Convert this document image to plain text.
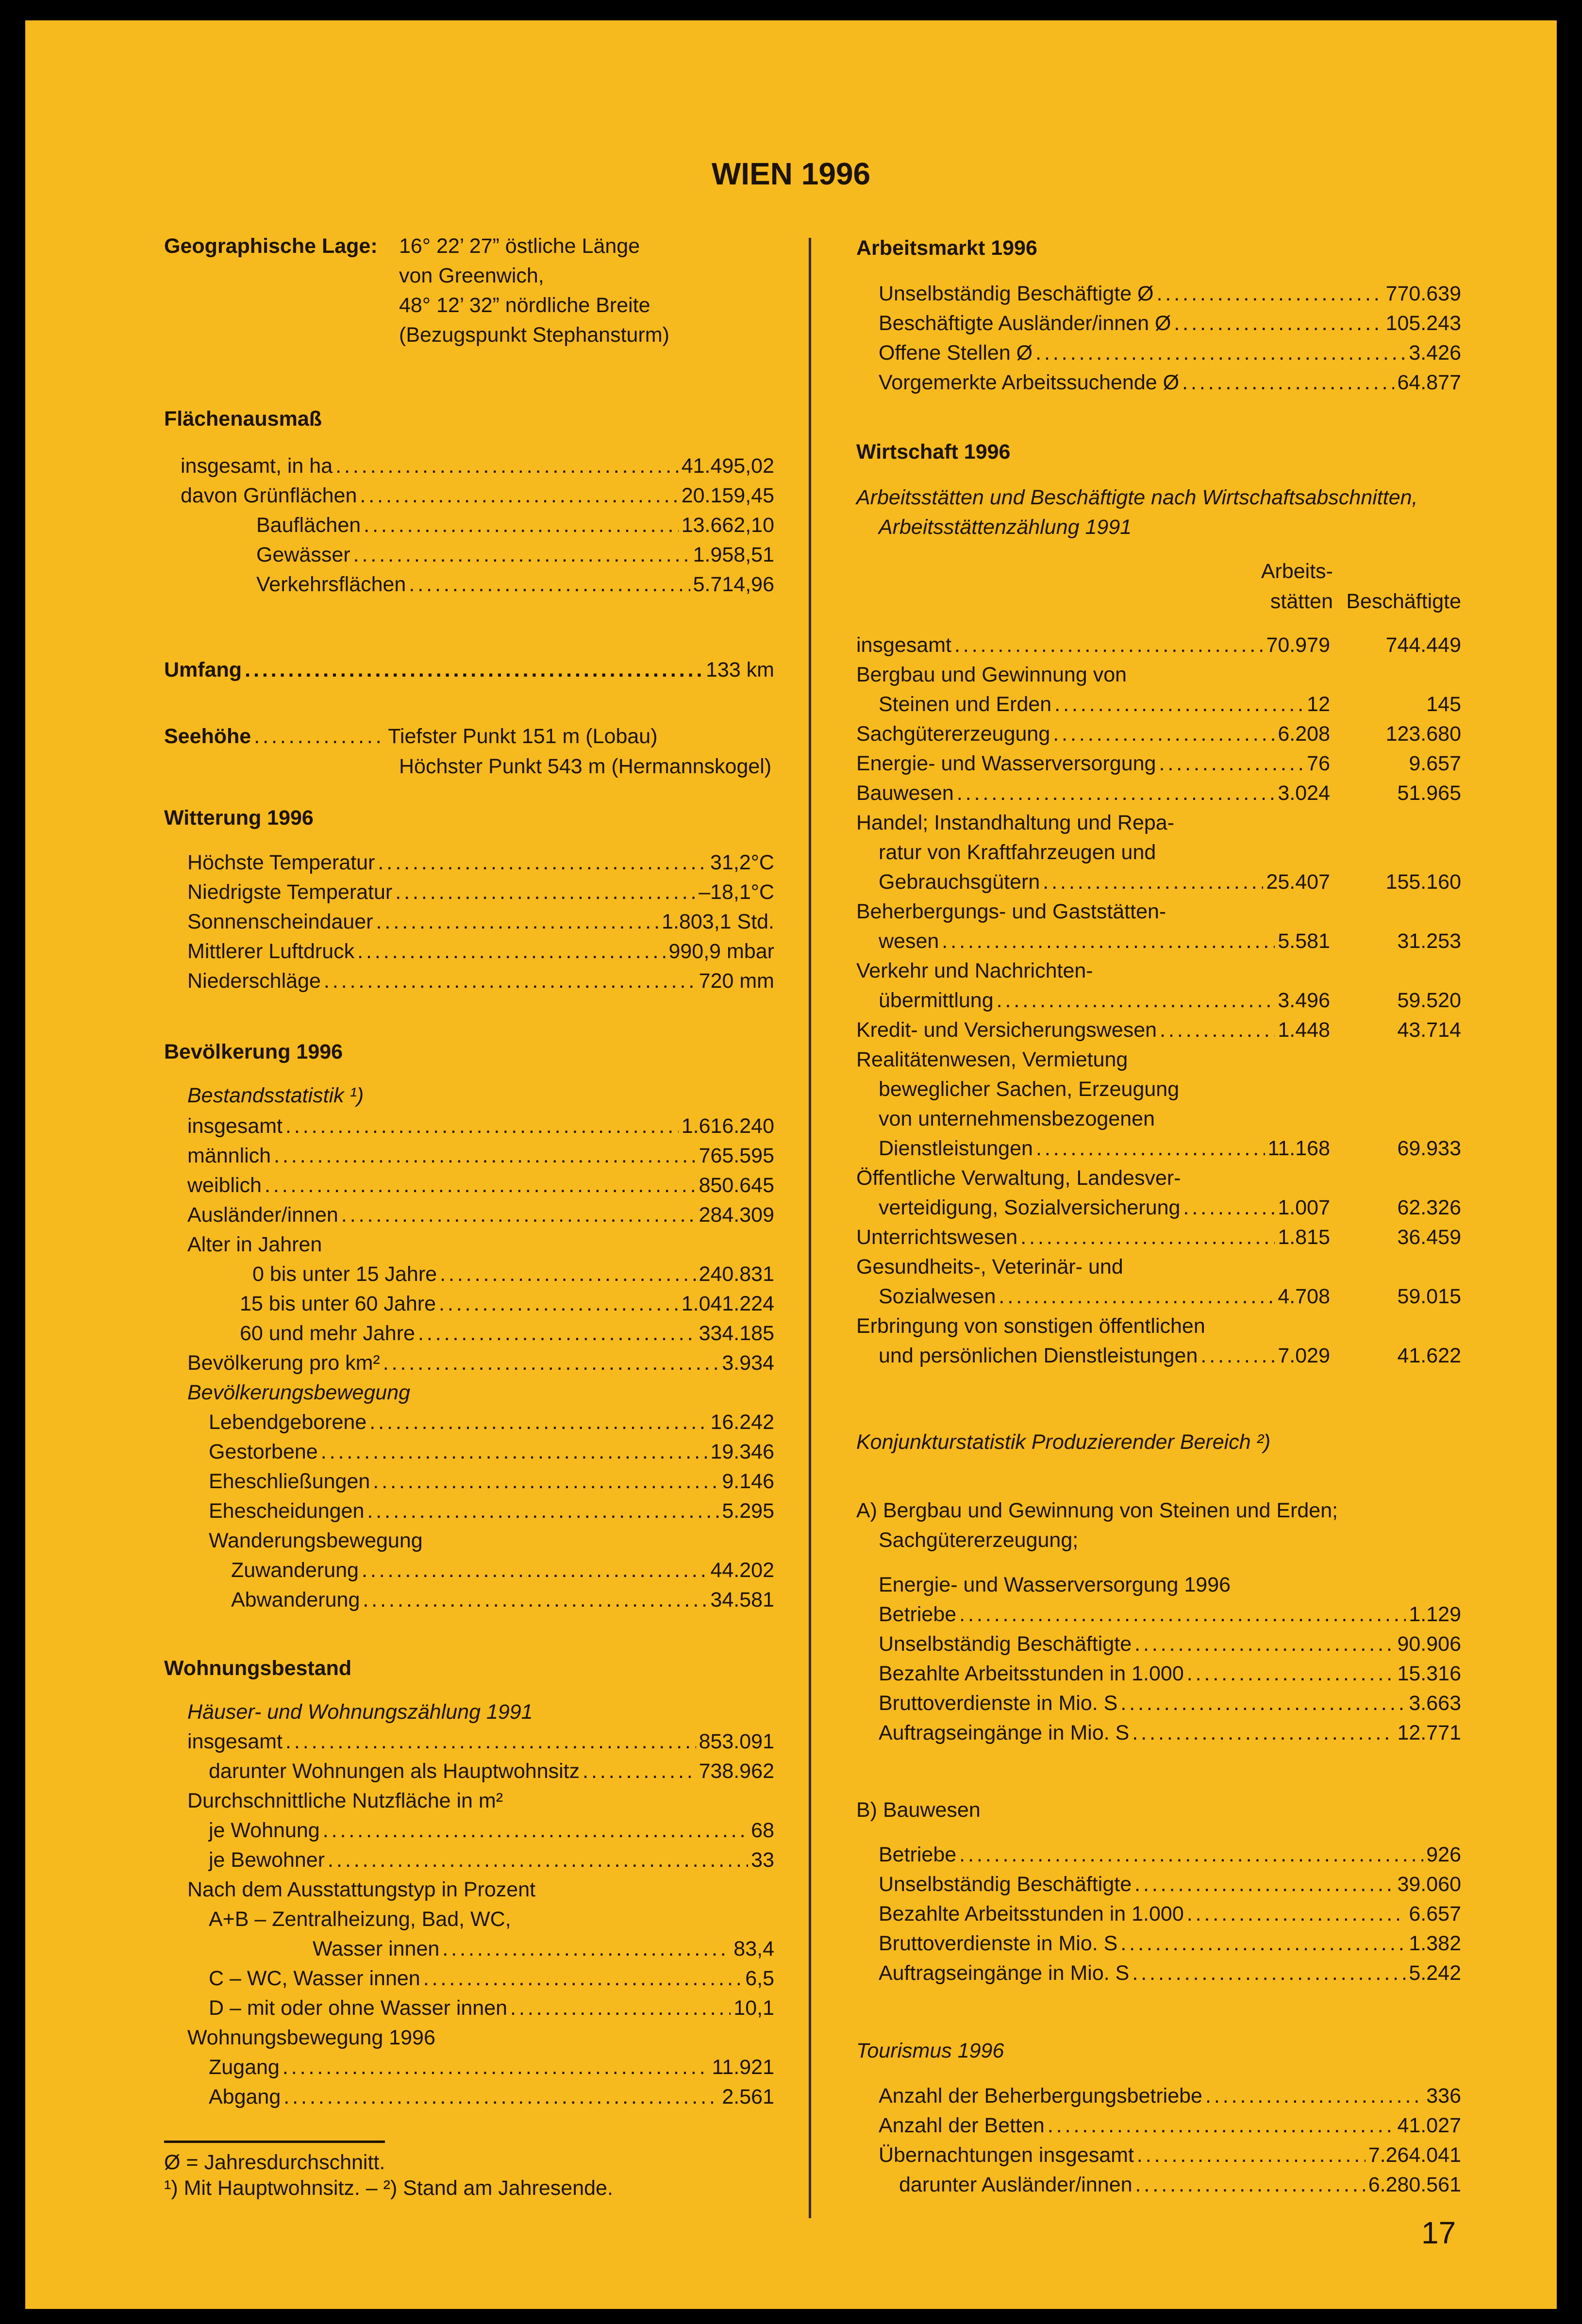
WIEN 1996
Geographische Lage: 16° 22’ 27” östliche Länge
von Greenwich,
48° 12’ 32” nördliche Breite
(Bezugspunkt Stephansturm)
Flächenausmaß
insgesamt, in ha . . .	41.495,02
davon Grünflächen . . .	20.159,45
Bauflächen . . .	13.662,10
Gewässer . . .	1.958,51
Verkehrsflächen . . .	5.714,96
Umfang . . .	133 km
Seehöhe . . .	Tiefster Punkt 151 m (Lobau)
Höchster Punkt 543 m (Hermannskogel)
Witterung 1996
Höchste Temperatur . . .	31,2°C
Niedrigste Temperatur . . .	–18,1°C
Sonnenscheindauer . . .	1.803,1 Std.
Mittlerer Luftdruck . . .	990,9 mbar
Niederschläge . . .	720 mm
Bevölkerung 1996
Bestandsstatistik ¹)
insgesamt . . .	1.616.240
männlich . . .	765.595
weiblich . . .	850.645
Ausländer/innen . . .	284.309
Alter in Jahren
0 bis unter 15 Jahre . . .	240.831
15 bis unter 60 Jahre . . .	1.041.224
60 und mehr Jahre . . .	334.185
Bevölkerung pro km² . . .	3.934
Bevölkerungsbewegung
Lebendgeborene . . .	16.242
Gestorbene . . .	19.346
Eheschließungen . . .	9.146
Ehescheidungen . . .	5.295
Wanderungsbewegung
Zuwanderung . . .	44.202
Abwanderung . . .	34.581
Wohnungsbestand
Häuser- und Wohnungszählung 1991
insgesamt . . .	853.091
darunter Wohnungen als Hauptwohnsitz . . .	738.962
Durchschnittliche Nutzfläche in m²
je Wohnung . . .	68
je Bewohner . . .	33
Nach dem Ausstattungstyp in Prozent
A+B – Zentralheizung, Bad, WC,
Wasser innen . . .	83,4
C – WC, Wasser innen . . .	6,5
D – mit oder ohne Wasser innen . . .	10,1
Wohnungsbewegung 1996
Zugang . . .	11.921
Abgang . . .	2.561
Ø = Jahresdurchschnitt.
¹) Mit Hauptwohnsitz. – ²) Stand am Jahresende.
Arbeitsmarkt 1996
Unselbständig Beschäftigte Ø . . .	770.639
Beschäftigte Ausländer/innen Ø . . .	105.243
Offene Stellen Ø . . .	3.426
Vorgemerkte Arbeitssuchende Ø . . .	64.877
Wirtschaft 1996
Arbeitsstätten und Beschäftigte nach Wirtschaftsabschnitten,
Arbeitsstättenzählung 1991
Arbeits-
stätten Beschäftigte
insgesamt . . .	70.979	744.449
Bergbau und Gewinnung von
Steinen und Erden . . .	12	145
Sachgütererzeugung . . .	6.208	123.680
Energie- und Wasserversorgung . . .	76	9.657
Bauwesen . . .	3.024	51.965
Handel; Instandhaltung und Repa-
ratur von Kraftfahrzeugen und
Gebrauchsgütern . . .	25.407	155.160
Beherbergungs- und Gaststätten-
wesen . . .	5.581	31.253
Verkehr und Nachrichten-
übermittlung . . .	3.496	59.520
Kredit- und Versicherungswesen . . .	1.448	43.714
Realitätenwesen, Vermietung
beweglicher Sachen, Erzeugung
von unternehmensbezogenen
Dienstleistungen . . .	11.168	69.933
Öffentliche Verwaltung, Landesver-
verteidigung, Sozialversicherung . . .	1.007	62.326
Unterrichtswesen . . .	1.815	36.459
Gesundheits-, Veterinär- und
Sozialwesen . . .	4.708	59.015
Erbringung von sonstigen öffentlichen
und persönlichen Dienstleistungen . . .	7.029	41.622
Konjunkturstatistik Produzierender Bereich ²)
A) Bergbau und Gewinnung von Steinen und Erden;
Sachgütererzeugung;
Energie- und Wasserversorgung 1996
Betriebe . . .	1.129
Unselbständig Beschäftigte . . .	90.906
Bezahlte Arbeitsstunden in 1.000 . . .	15.316
Bruttoverdienste in Mio. S . . .	3.663
Auftragseingänge in Mio. S . . .	12.771
B) Bauwesen
Betriebe . . .	926
Unselbständig Beschäftigte . . .	39.060
Bezahlte Arbeitsstunden in 1.000 . . .	6.657
Bruttoverdienste in Mio. S . . .	1.382
Auftragseingänge in Mio. S . . .	5.242
Tourismus 1996
Anzahl der Beherbergungsbetriebe . . .	336
Anzahl der Betten . . .	41.027
Übernachtungen insgesamt . . .	7.264.041
darunter Ausländer/innen . . .	6.280.561
17
